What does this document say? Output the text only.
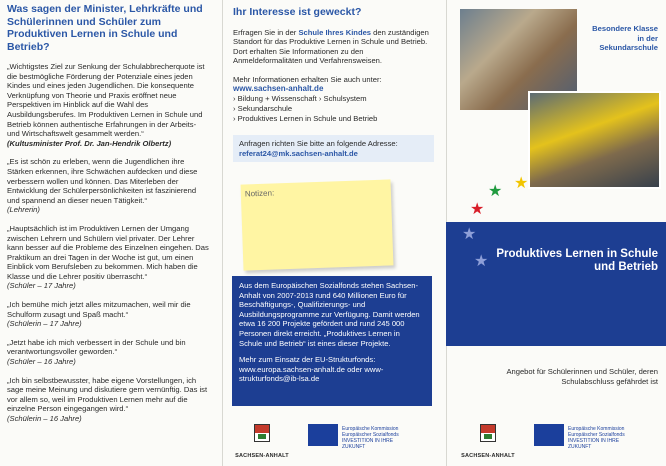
Was sagen der Minister, Lehrkräfte und Schülerinnen und Schüler zum Produktiven Lernen in Schule und Betrieb?

„Wichtigstes Ziel zur Senkung der Schulabbrecherquote ist die bestmögliche Förderung der Potenziale eines jeden Kindes und eines jeden Jugendlichen. Die konsequente Verknüpfung von Theorie und Praxis eröffnet neue Perspektiven im Hinblick auf die Wahl des Ausbildungsberufes. Im Produktiven Lernen in Schule und Betrieb können authentische Erfahrungen in der Arbeits- und Wirtschaftswelt gesammelt werden.“

(Kultusminister Prof. Dr. Jan-Hendrik Olbertz)

„Es ist schön zu erleben, wenn die Jugendlichen ihre Stärken erkennen, ihre Schwächen aufdecken und diese verbessern wollen und können. Das Miterleben der Entwicklung der Schülerpersönlichkeiten ist faszinierend und spannend an dieser neuen Tätigkeit.“

(Lehrerin)

„Hauptsächlich ist im Produktiven Lernen der Umgang zwischen Lehrern und Schülern viel privater. Der Lehrer kann besser auf die Probleme des Einzelnen eingehen. Das Praktikum an drei Tagen in der Woche ist gut, um einen Einblick vom Berufsleben zu bekommen. Mich haben die Klasse und die Lehrer positiv überrascht.“

(Schüler – 17 Jahre)

„Ich bemühe mich jetzt alles mitzumachen, weil mir die Schulform zusagt und Spaß macht.“

(Schülerin – 17 Jahre)

„Jetzt habe ich mich verbessert in der Schule und bin verantwortungsvoller geworden.“

(Schüler – 16 Jahre)

„Ich bin selbstbewusster, habe eigene Vorstellungen, ich sage meine Meinung und diskutiere gern vernünftig. Das ist vor allem so, weil im Produktiven Lernen mehr auf die einzelne Person eingegangen wird.“

(Schülerin – 16 Jahre)

Ihr Interesse ist geweckt?

Erfragen Sie in der Schule Ihres Kindes den zuständigen Standort für das Produktive Lernen in Schule und Betrieb. Dort erhalten Sie Informationen zu den Anmeldeformalitäten und Verfahrensweisen.

Mehr Informationen erhalten Sie auch unter:

www.sachsen-anhalt.de
› Bildung + Wissenschaft › Schulsystem
› Sekundarschule
› Produktives Lernen in Schule und Betrieb
Anfragen richten Sie bitte an folgende Adresse:
referat24@mk.sachsen-anhalt.de
Notizen:

Aus dem Europäischen Sozialfonds stehen Sachsen-Anhalt von 2007-2013 rund 640 Millionen Euro für Beschäftigungs-, Qualifizierungs- und Ausbildungsprogramme zur Verfügung. Damit werden etwa 16 200 Projekte gefördert und rund 245 000 Personen direkt erreicht. „Produktives Lernen in Schule und Betrieb“ ist eines dieser Projekte.

Mehr zum Einsatz der EU-Strukturfonds: www.europa.sachsen-anhalt.de oder www-strukturfonds@ib-lsa.de

SACHSEN-ANHALT
Europäische Kommission
Europäischer Sozialfonds
INVESTITION IN IHRE ZUKUNFT
Besondere Klasse in der Sekundarschule
★
★
★
★
★ Produktives Lernen in Schule und Betrieb
Angebot für Schülerinnen und Schüler, deren Schulabschluss gefährdet ist
SACHSEN-ANHALT
Europäische Kommission
Europäischer Sozialfonds
INVESTITION IN IHRE ZUKUNFT
